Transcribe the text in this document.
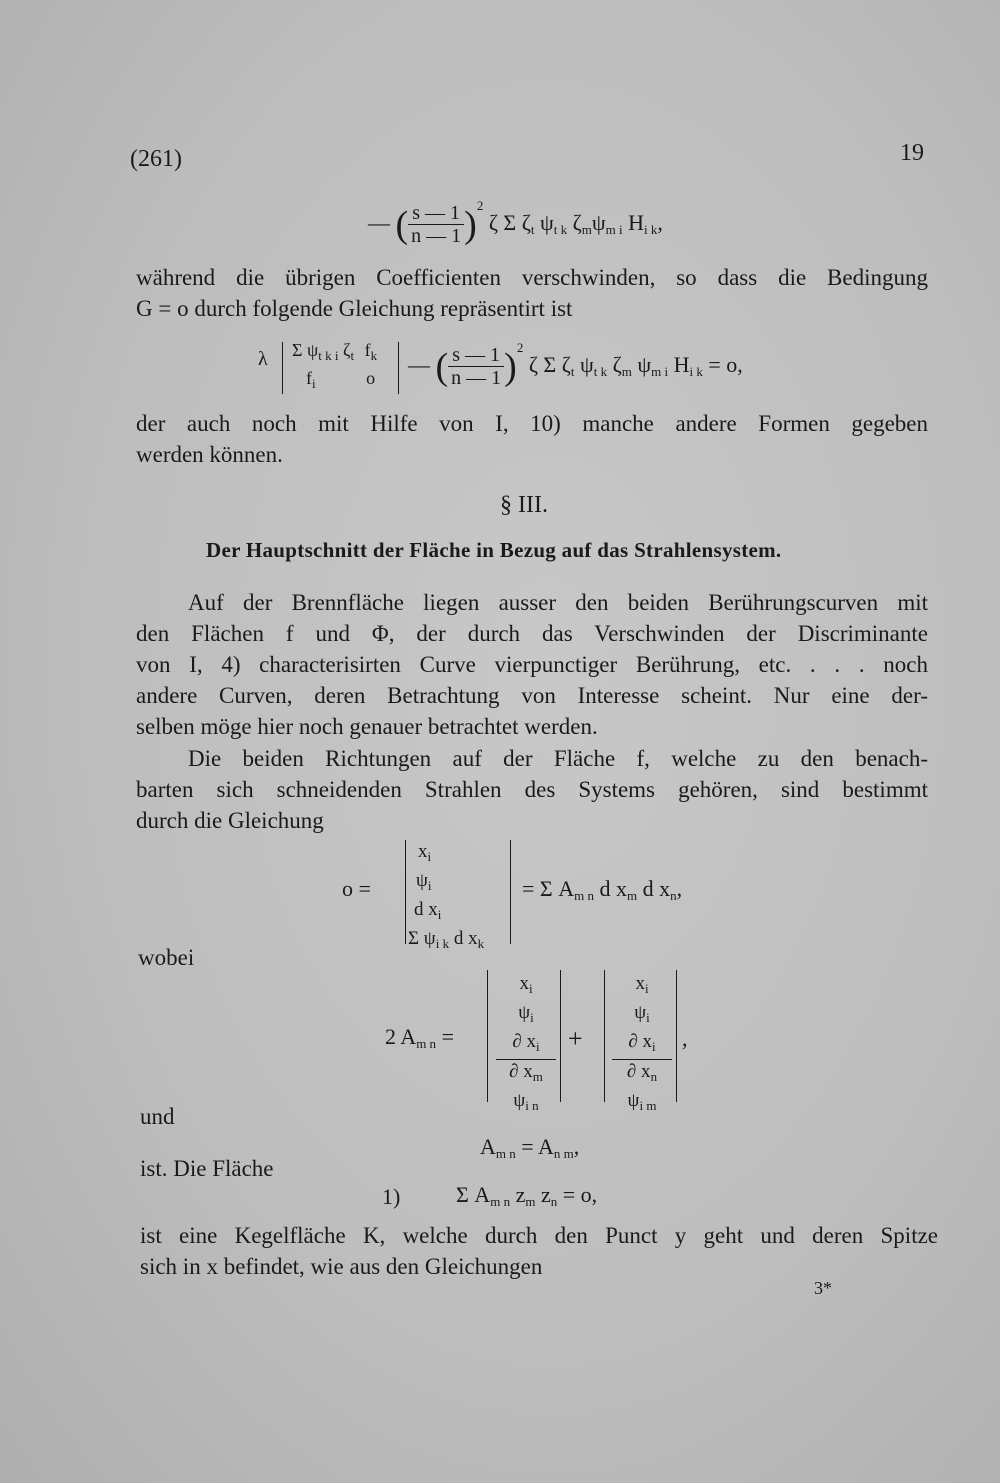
(261)	19
— ( $\frac{s — 1}{n — 1} )^2$ ζ Σ $\zeta_t$ $\psi_{t k}$ $\zeta_m\psi_{m i}$ $H_{i k}$,
während die übrigen Coefficienten verschwinden, so dass die Bedingung
G = o durch folgende Gleichung repräsentirt ist
λ Σ $\psi_{t k i}$ $\zeta_t$ $f_k$
$f_i$	o
— ( $\frac{s — 1}{n — 1} )^2$ ζ Σ $\zeta_t$ $\psi_{t k}$ $\zeta_m$ $\psi_{m i}$ $H_{i k} = o$,
der auch noch mit Hilfe von I, 10) manche andere Formen gegeben
werden können.
§ III.
Der Hauptschnitt der Fläche in Bezug auf das Strahlensystem.
Auf der Brennfläche liegen ausser den beiden Berührungscurven mit
den Flächen f und Φ, der durch das Verschwinden der Discriminante
von I, 4) characterisirten Curve vierpunctiger Berührung, etc. . . . noch
andere Curven, deren Betrachtung von Interesse scheint. Nur eine der-
selben möge hier noch genauer betrachtet werden.
Die beiden Richtungen auf der Fläche f, welche zu den benach-
barten sich schneidenden Strahlen des Systems gehören, sind bestimmt
durch die Gleichung
o =
$x_i$
$\psi_i$
d $x_i$
Σ $\psi_{i k}$ d $x_k$
= Σ $A_{m n}$ d $x_m$ d $x_n$,
wobei
2 $A_{m n}$ =
$x_i$
$\psi_i$
∂ $x_i$
∂ $x_m$
$\psi_{i n}$
+
$x_i$
$\psi_i$
∂ $x_i$
∂ $x_n$
$\psi_{i m}$
,
und
$A_{m n} = A_{n m}$,
ist. Die Fläche
1)	Σ $A_{m n}$ $z_m$ $z_n = o$,
ist eine Kegelfläche K, welche durch den Punct y geht und deren Spitze
sich in x befindet, wie aus den Gleichungen
3*
